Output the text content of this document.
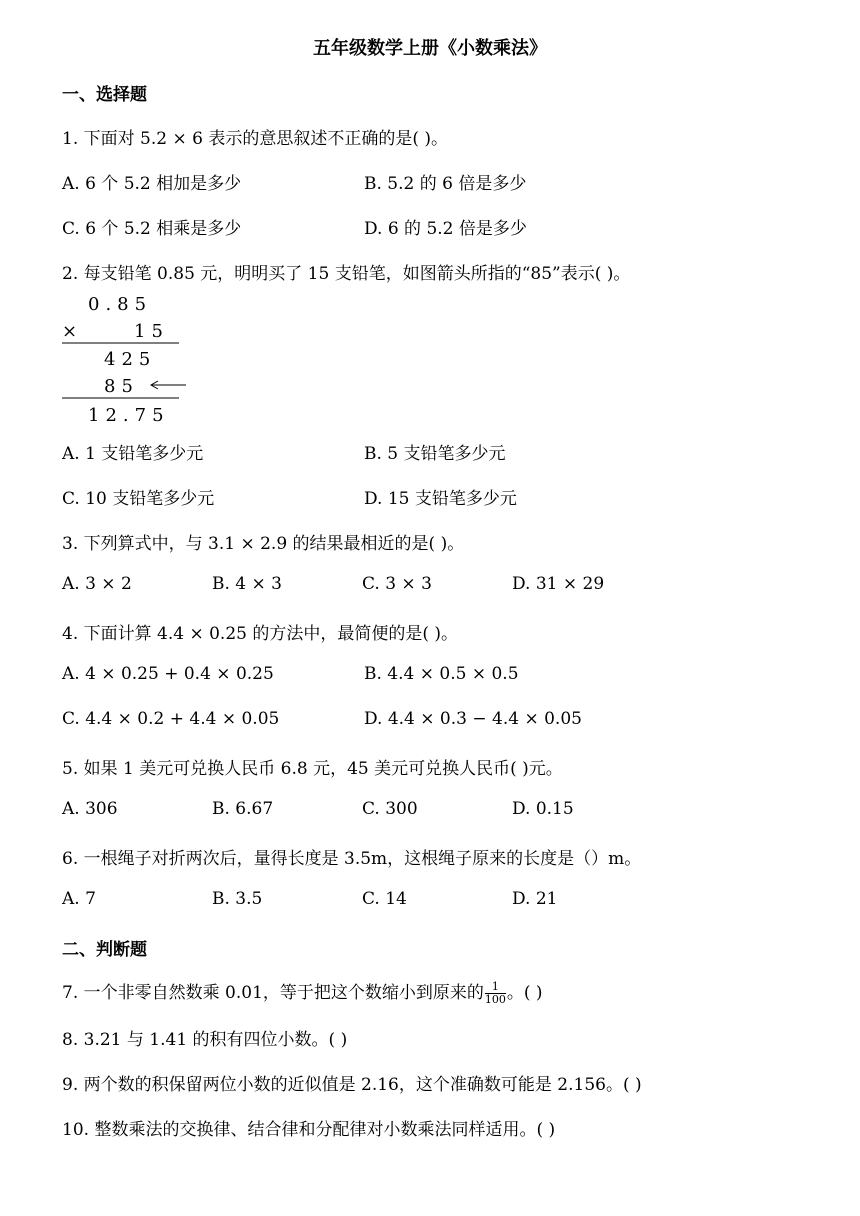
五年级数学上册《小数乘法》
一、选择题
1. 下面对 5.2 × 6 表示的意思叙述不正确的是( )。
A. 6 个 5.2 相加是多少	B. 5.2 的 6 倍是多少
C. 6 个 5.2 相乘是多少	D. 6 的 5.2 倍是多少
2. 每支铅笔 0.85 元，明明买了 15 支铅笔，如图箭头所指的“85”表示( )。
0.85
×	15
425
85
12.75
A. 1 支铅笔多少元	B. 5 支铅笔多少元
C. 10 支铅笔多少元	D. 15 支铅笔多少元
3. 下列算式中，与 3.1 × 2.9 的结果最相近的是( )。
A. 3 × 2	B. 4 × 3	C. 3 × 3	D. 31 × 29
4. 下面计算 4.4 × 0.25 的方法中，最简便的是( )。
A. 4 × 0.25 + 0.4 × 0.25	B. 4.4 × 0.5 × 0.5
C. 4.4 × 0.2 + 4.4 × 0.05	D. 4.4 × 0.3 − 4.4 × 0.05
5. 如果 1 美元可兑换人民币 6.8 元，45 美元可兑换人民币( )元。
A. 306	B. 6.67	C. 300	D. 0.15
6. 一根绳子对折两次后，量得长度是 3.5m，这根绳子原来的长度是（）m。
A. 7	B. 3.5	C. 14	D. 21
二、判断题
7. 一个非零自然数乘 0.01，等于把这个数缩小到原来的 $\frac{1}{100}$ 。( )
8. 3.21 与 1.41 的积有四位小数。( )
9. 两个数的积保留两位小数的近似值是 2.16，这个准确数可能是 2.156。( )
10. 整数乘法的交换律、结合律和分配律对小数乘法同样适用。( )
